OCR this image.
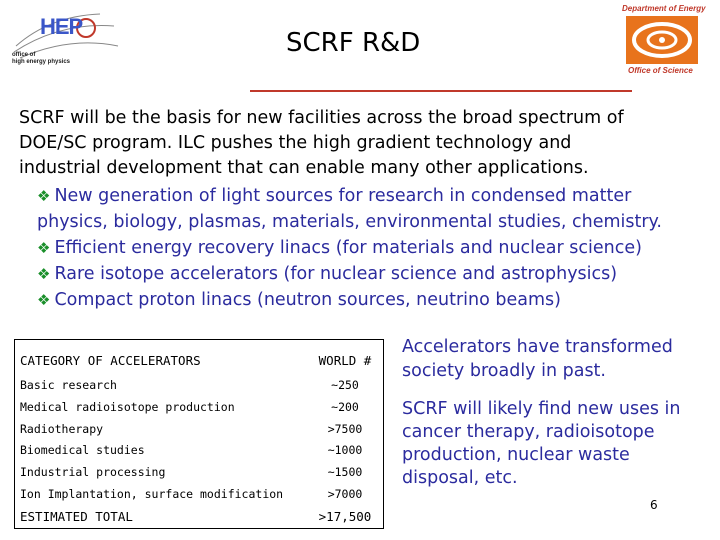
HEP
office of
high energy physics
Department of Energy
Office of Science
SCRF R&D
SCRF will be the basis for new facilities across the broad spectrum of
DOE/SC program. ILC pushes the high gradient technology and
industrial development that can enable many other applications.
❖ New generation of light sources for research in condensed matter
physics, biology, plasmas, materials, environmental studies, chemistry.
❖ Efficient energy recovery linacs (for materials and nuclear science)
❖ Rare isotope accelerators (for nuclear science and astrophysics)
❖ Compact proton linacs (neutron sources, neutrino beams)
CATEGORY OF ACCELERATORS	WORLD #
Basic research	~250
Medical radioisotope production	~200
Radiotherapy	>7500
Biomedical studies	~1000
Industrial processing	~1500
Ion Implantation, surface modification	>7000
ESTIMATED TOTAL	>17,500
Accelerators have transformed society broadly in past.
SCRF will likely find new uses in cancer therapy, radioisotope production, nuclear waste disposal, etc.
6
